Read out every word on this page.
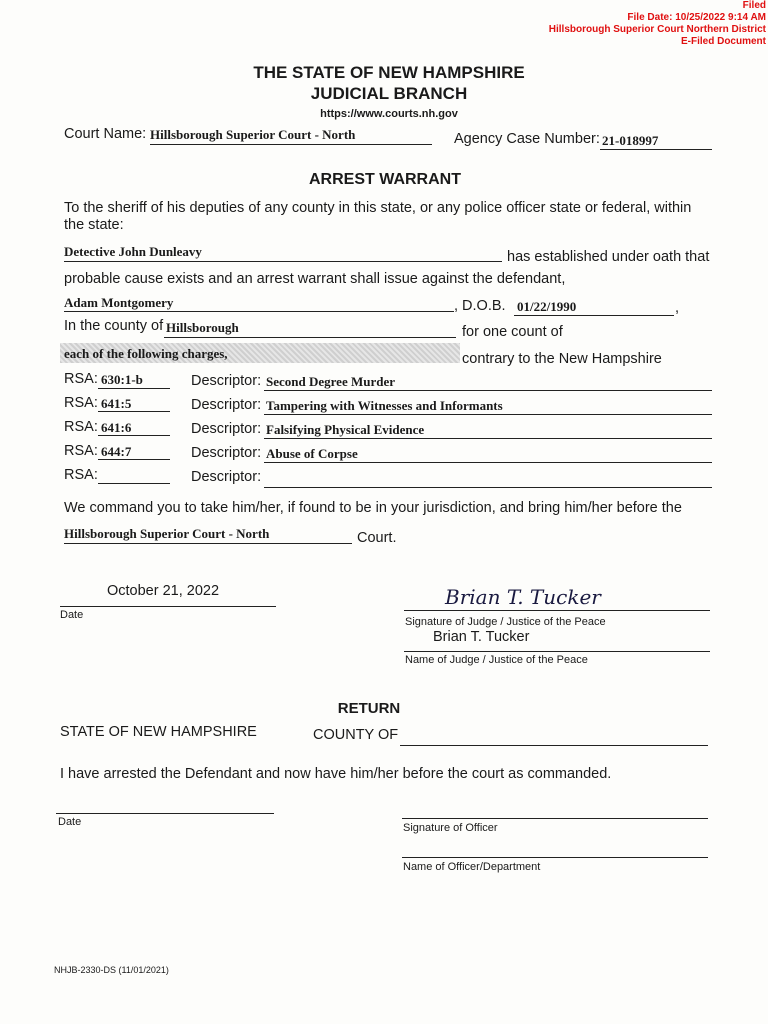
Filed
File Date: 10/25/2022 9:14 AM
Hillsborough Superior Court Northern District
E-Filed Document
THE STATE OF NEW HAMPSHIRE
JUDICIAL BRANCH
https://www.courts.nh.gov
Court Name: Hillsborough Superior Court - North	Agency Case Number: 21-018997
ARREST WARRANT
To the sheriff of his deputies of any county in this state, or any police officer state or federal, within the state:
Detective John Dunleavy	has established under oath that
probable cause exists and an arrest warrant shall issue against the defendant,
Adam Montgomery	, D.O.B. 01/22/1990	,
In the county of Hillsborough	for one count of
each of the following charges,	contrary to the New Hampshire
RSA: 630:1-b	Descriptor: Second Degree Murder
RSA: 641:5	Descriptor: Tampering with Witnesses and Informants
RSA: 641:6	Descriptor: Falsifying Physical Evidence
RSA: 644:7	Descriptor: Abuse of Corpse
RSA:	Descriptor:
We command you to take him/her, if found to be in your jurisdiction, and bring him/her before the
Hillsborough Superior Court - North	Court.
October 21, 2022
Date
Brian T. Tucker
Signature of Judge / Justice of the Peace
Brian T. Tucker
Name of Judge / Justice of the Peace
RETURN
STATE OF NEW HAMPSHIRE	COUNTY OF
I have arrested the Defendant and now have him/her before the court as commanded.
Date	Signature of Officer
Name of Officer/Department
NHJB-2330-DS (11/01/2021)
